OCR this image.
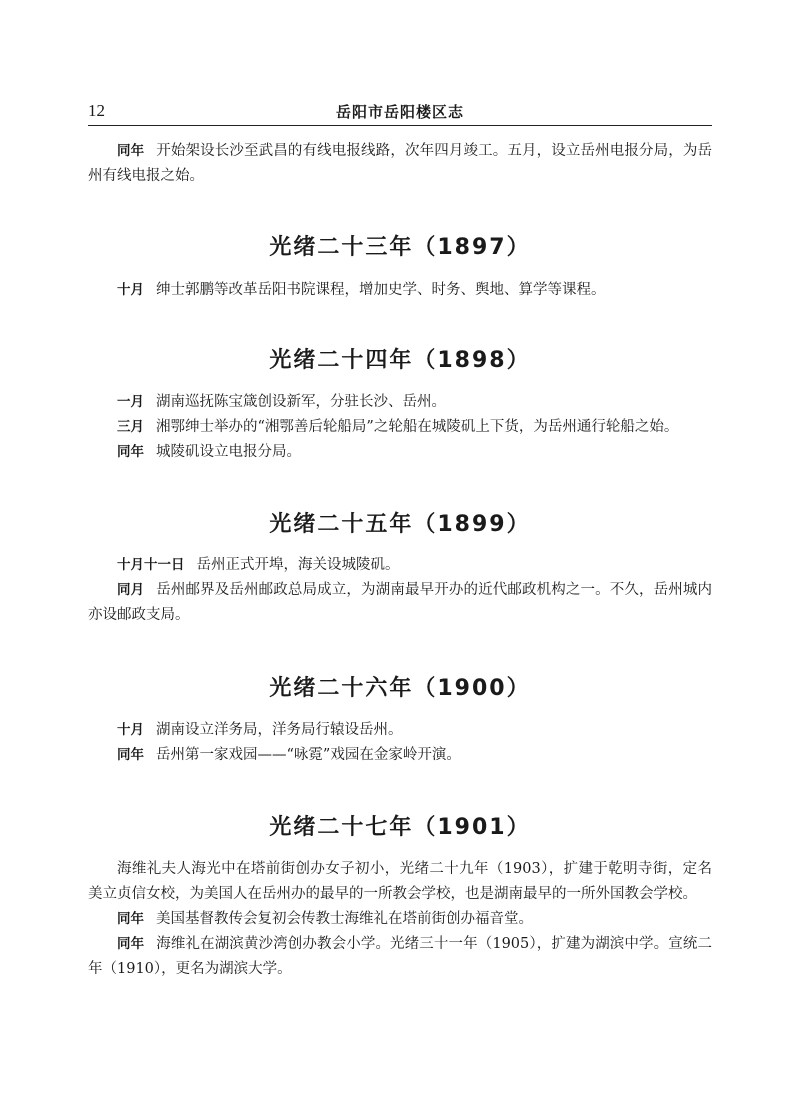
12	岳阳市岳阳楼区志

同年 开始架设长沙至武昌的有线电报线路，次年四月竣工。五月，设立岳州电报分局，为岳州有线电报之始。

光绪二十三年（1897）

十月 绅士郭鹏等改革岳阳书院课程，增加史学、时务、舆地、算学等课程。

光绪二十四年（1898）

一月 湖南巡抚陈宝箴创设新军，分驻长沙、岳州。

三月 湘鄂绅士举办的“湘鄂善后轮船局”之轮船在城陵矶上下货，为岳州通行轮船之始。

同年 城陵矶设立电报分局。

光绪二十五年（1899）

十月十一日 岳州正式开埠，海关设城陵矶。

同月 岳州邮界及岳州邮政总局成立，为湖南最早开办的近代邮政机构之一。不久，岳州城内亦设邮政支局。

光绪二十六年（1900）

十月 湖南设立洋务局，洋务局行辕设岳州。

同年 岳州第一家戏园——“咏霓”戏园在金家岭开演。

光绪二十七年（1901）

海维礼夫人海光中在塔前街创办女子初小，光绪二十九年（1903），扩建于乾明寺街，定名美立贞信女校，为美国人在岳州办的最早的一所教会学校，也是湖南最早的一所外国教会学校。

同年 美国基督教传会复初会传教士海维礼在塔前街创办福音堂。

同年 海维礼在湖滨黄沙湾创办教会小学。光绪三十一年（1905），扩建为湖滨中学。宣统二年（1910），更名为湖滨大学。
